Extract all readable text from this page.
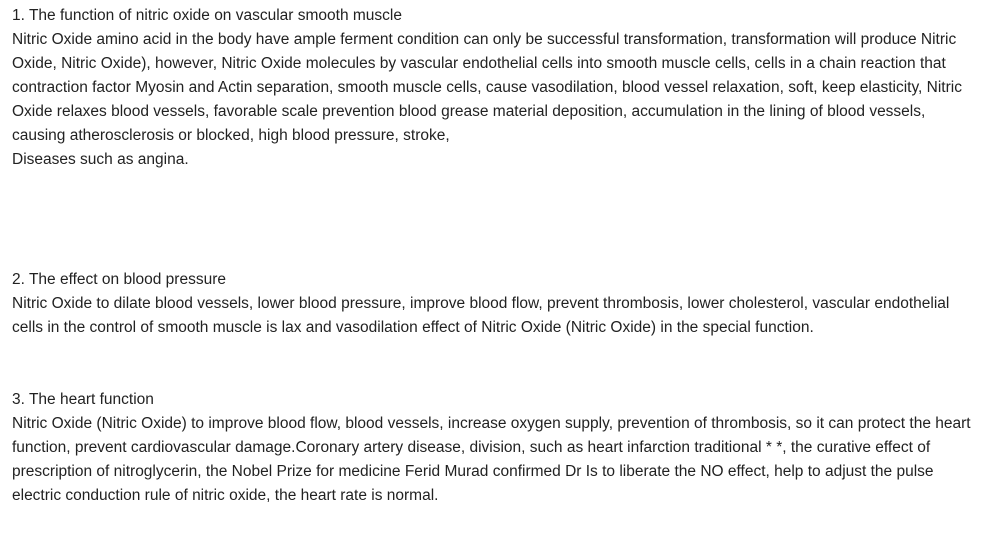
1. The function of nitric oxide on vascular smooth muscle
Nitric Oxide amino acid in the body have ample ferment condition can only be successful transformation, transformation will produce Nitric Oxide, Nitric Oxide), however, Nitric Oxide molecules by vascular endothelial cells into smooth muscle cells, cells in a chain reaction that contraction factor Myosin and Actin separation, smooth muscle cells, cause vasodilation, blood vessel relaxation, soft, keep elasticity, Nitric Oxide relaxes blood vessels, favorable scale prevention blood grease material deposition, accumulation in the lining of blood vessels, causing atherosclerosis or blocked, high blood pressure, stroke,
Diseases such as angina.
2. The effect on blood pressure
Nitric Oxide to dilate blood vessels, lower blood pressure, improve blood flow, prevent thrombosis, lower cholesterol, vascular endothelial cells in the control of smooth muscle is lax and vasodilation effect of Nitric Oxide (Nitric Oxide) in the special function.
3. The heart function
Nitric Oxide (Nitric Oxide) to improve blood flow, blood vessels, increase oxygen supply, prevention of thrombosis, so it can protect the heart function, prevent cardiovascular damage.Coronary artery disease, division, such as heart infarction traditional * *, the curative effect of prescription of nitroglycerin, the Nobel Prize for medicine Ferid Murad confirmed Dr Is to liberate the NO effect, help to adjust the pulse electric conduction rule of nitric oxide, the heart rate is normal.
